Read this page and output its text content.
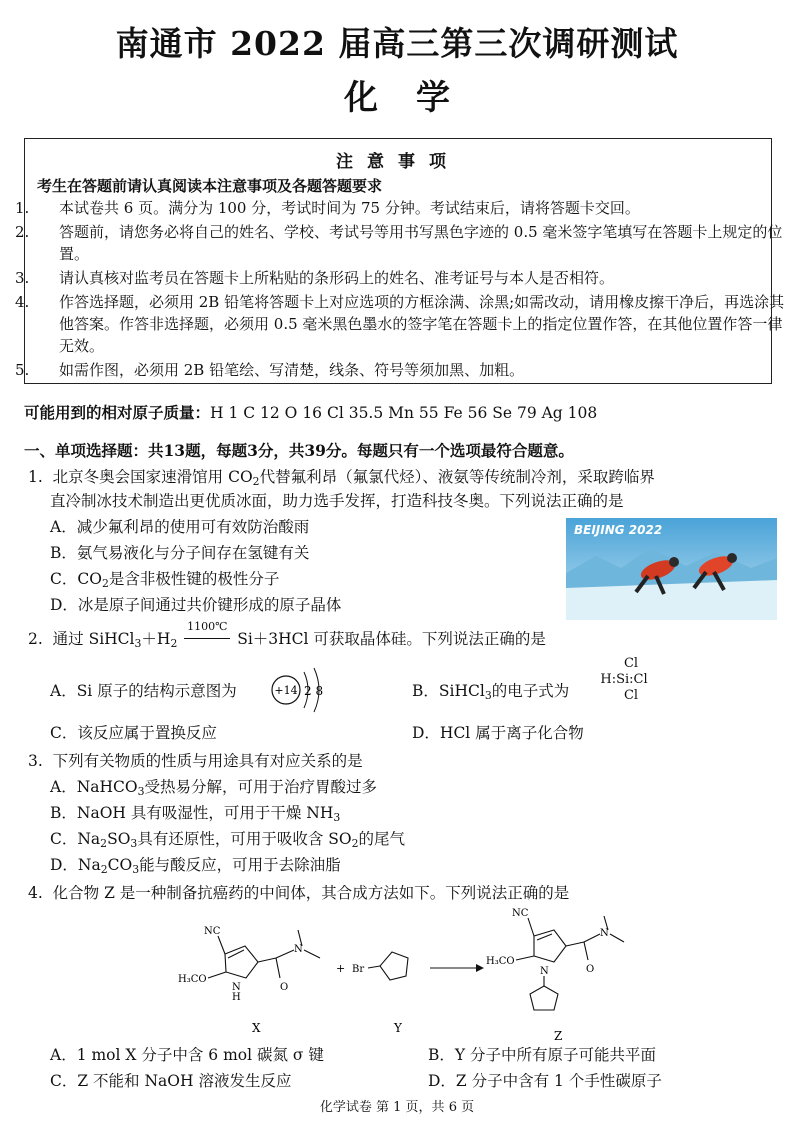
南通市 2022 届高三第三次调研测试
化学
注意事项
考生在答题前请认真阅读本注意事项及各题答题要求
1. 本试卷共 6 页。满分为 100 分，考试时间为 75 分钟。考试结束后，请将答题卡交回。
2. 答题前，请您务必将自己的姓名、学校、考试号等用书写黑色字迹的 0.5 毫米签字笔填写在答题卡上规定的位置。
3. 请认真核对监考员在答题卡上所粘贴的条形码上的姓名、准考证号与本人是否相符。
4. 作答选择题，必须用 2B 铅笔将答题卡上对应选项的方框涂满、涂黑;如需改动，请用橡皮擦干净后，再选涂其他答案。作答非选择题，必须用 0.5 毫米黑色墨水的签字笔在答题卡上的指定位置作答，在其他位置作答一律无效。
5. 如需作图，必须用 2B 铅笔绘、写清楚，线条、符号等须加黑、加粗。
可能用到的相对原子质量：H 1 C 12 O 16 Cl 35.5 Mn 55 Fe 56 Se 79 Ag 108
一、单项选择题：共13题，每题3分，共39分。每题只有一个选项最符合题意。
1. 北京冬奥会国家速滑馆用 $CO_2$代替氟利昂（氟氯代烃）、液氨等传统制冷剂，采取跨临界
直冷制冰技术制造出更优质冰面，助力选手发挥，打造科技冬奥。下列说法正确的是
A．减少氟利昂的使用可有效防治酸雨
B．氨气易液化与分子间存在氢键有关
C．$CO_2$是含非极性键的极性分子
D．冰是原子间通过共价键形成的原子晶体
BEIJING 2022
2. 通过 $SiHCl_3+H_2$
1100℃
Si＋3HCl 可获取晶体硅。下列说法正确的是
A．Si 原子的结构示意图为	+14 2 8	B．SiHCl$_3$的电子式为
Cl
H:Si:Cl
Cl
C．该反应属于置换反应	D．HCl 属于离子化合物
3. 下列有关物质的性质与用途具有对应关系的是
A．NaHCO$_3$受热易分解，可用于治疗胃酸过多
B．NaOH 具有吸湿性，可用于干燥 $NH_3$
C．$Na_2SO_3$具有还原性，可用于吸收含 $SO_2$的尾气
D．$Na_2CO_3$能与酸反应，可用于去除油脂
4. 化合物 Z 是一种制备抗癌药的中间体，其合成方法如下。下列说法正确的是
NC
H₃CO
N
H
O
N
X
+ Br
Y
NC
H₃CO
N	O
N
Z
A．1 mol X 分子中含 6 mol 碳氮 σ 键	B．Y 分子中所有原子可能共平面
C．Z 不能和 NaOH 溶液发生反应	D．Z 分子中含有 1 个手性碳原子
化学试卷 第 1 页，共 6 页
